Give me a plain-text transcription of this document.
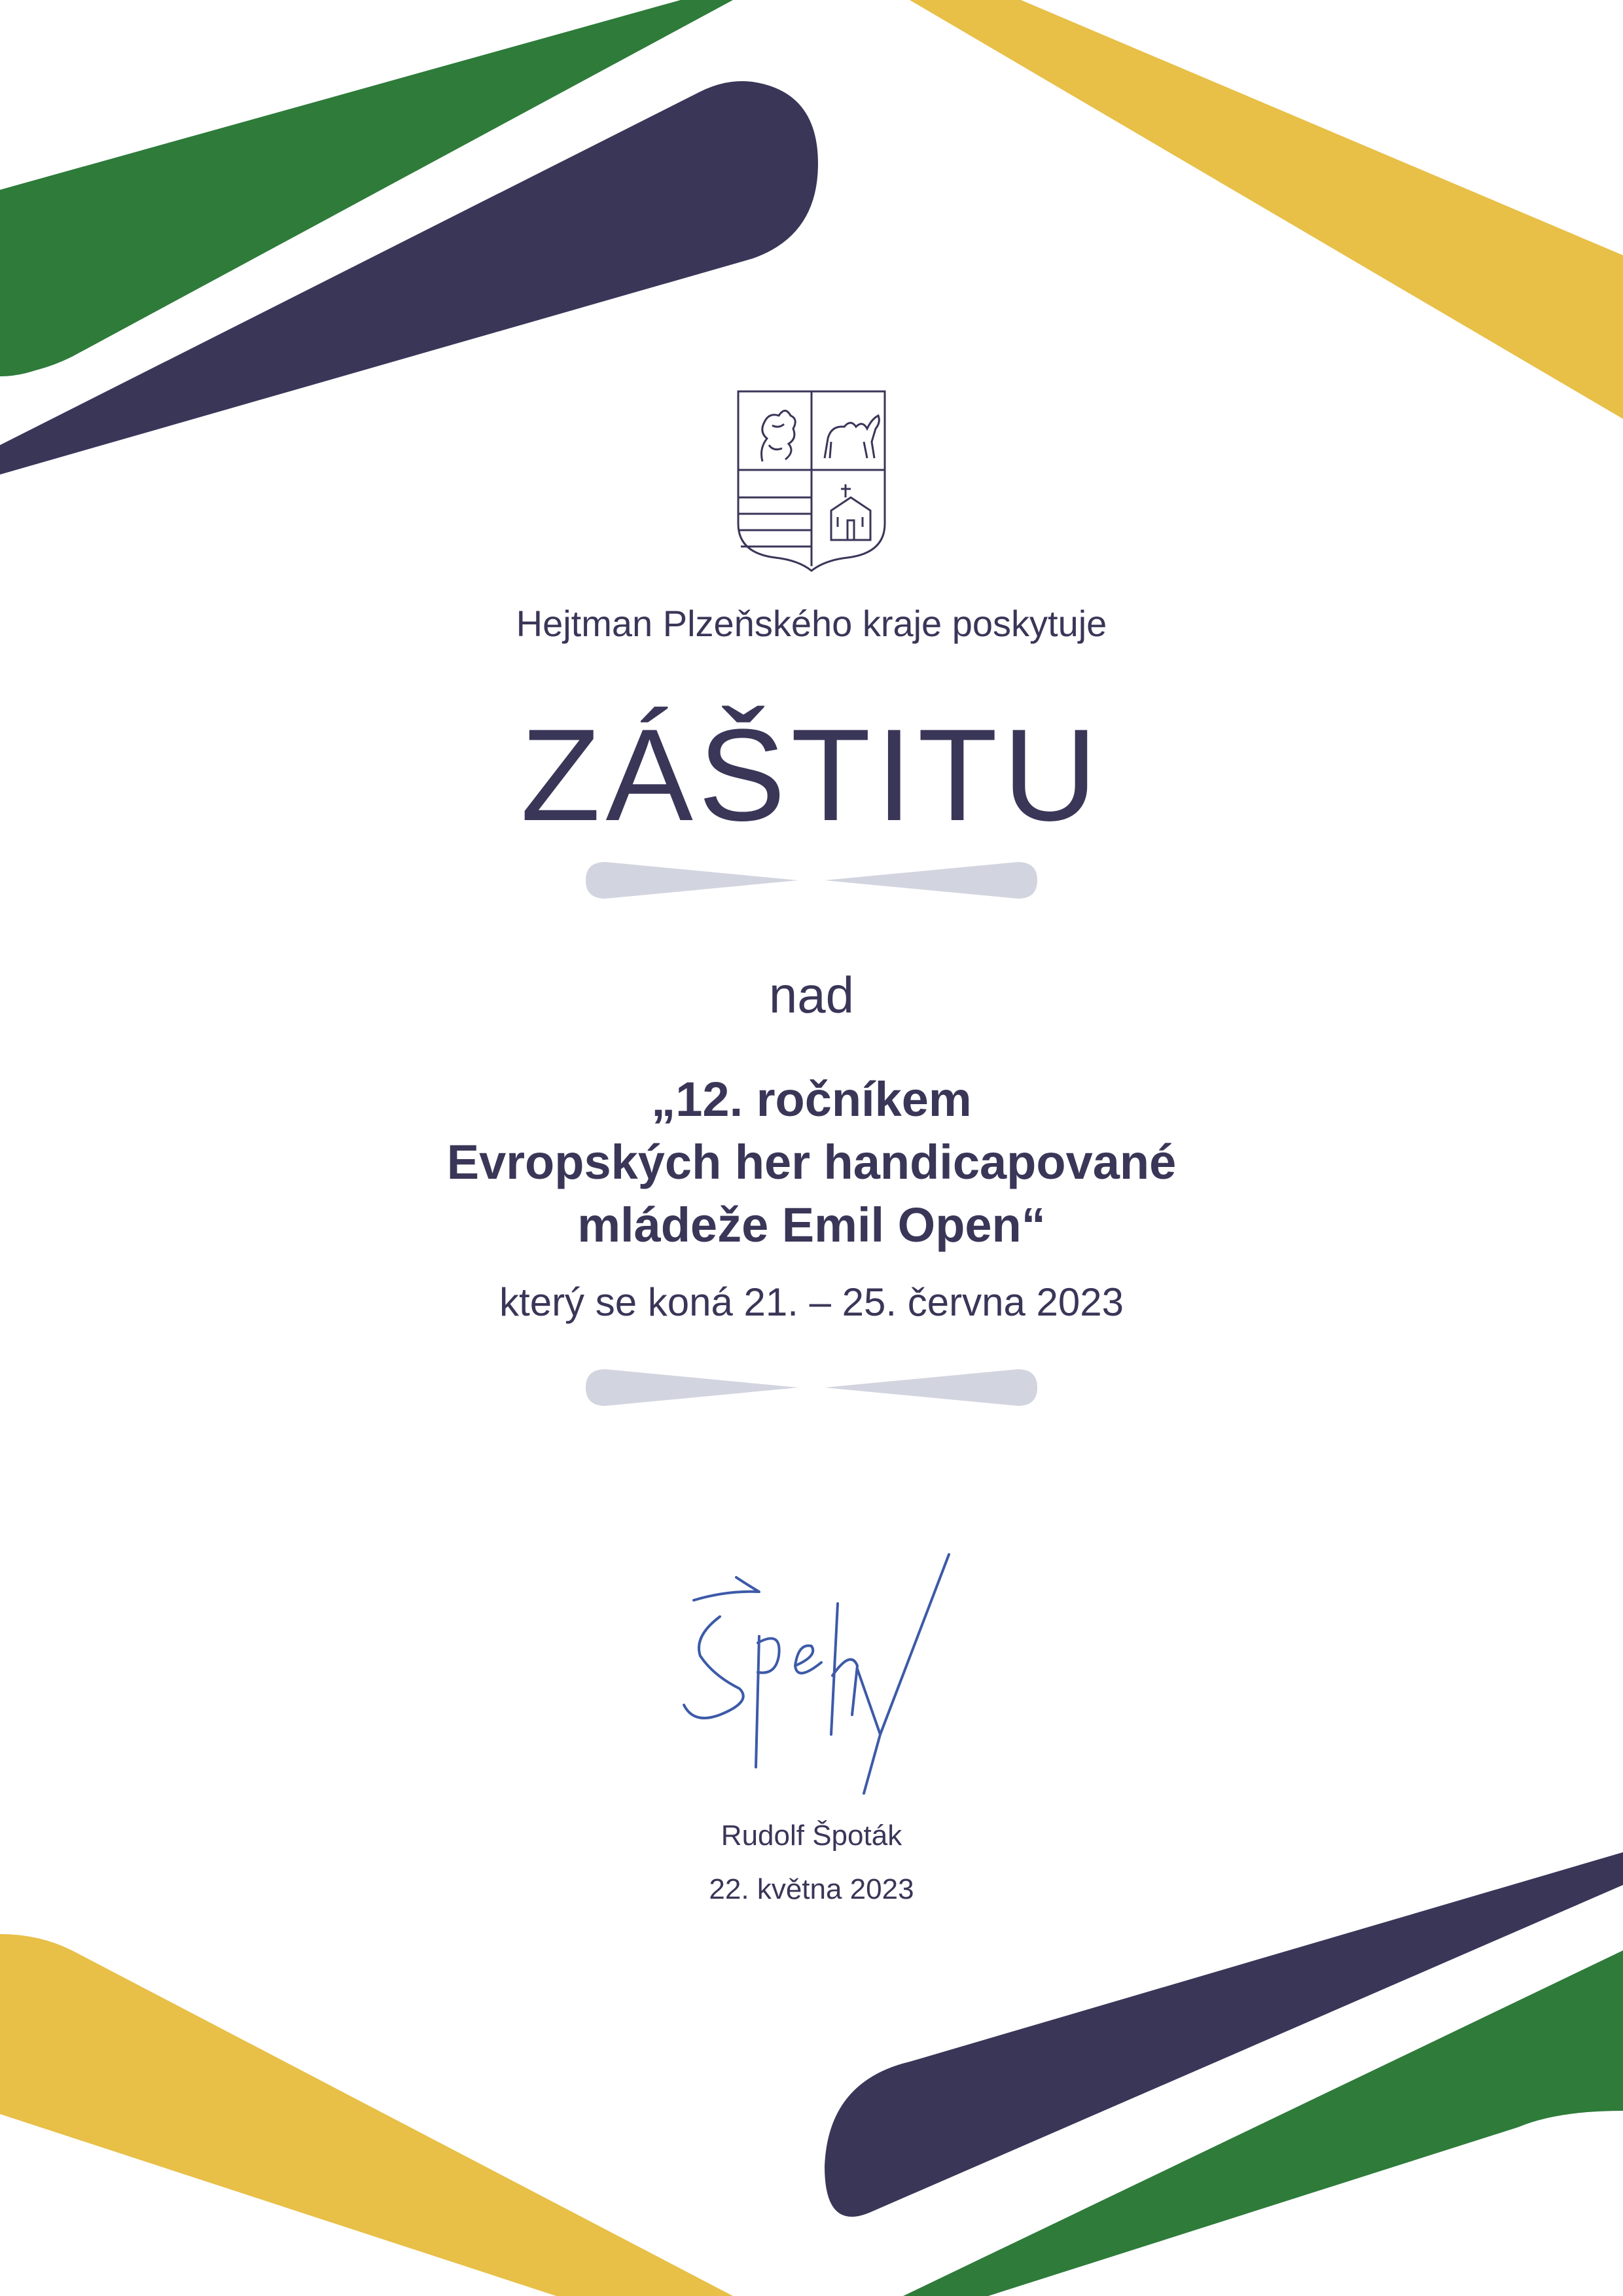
Hejtman Plzeňského kraje poskytuje
ZÁŠTITU
nad
„12. ročníkem
Evropských her handicapované
mládeže Emil Open“
který se koná 21. – 25. června 2023
Rudolf Špoták
22. května 2023
